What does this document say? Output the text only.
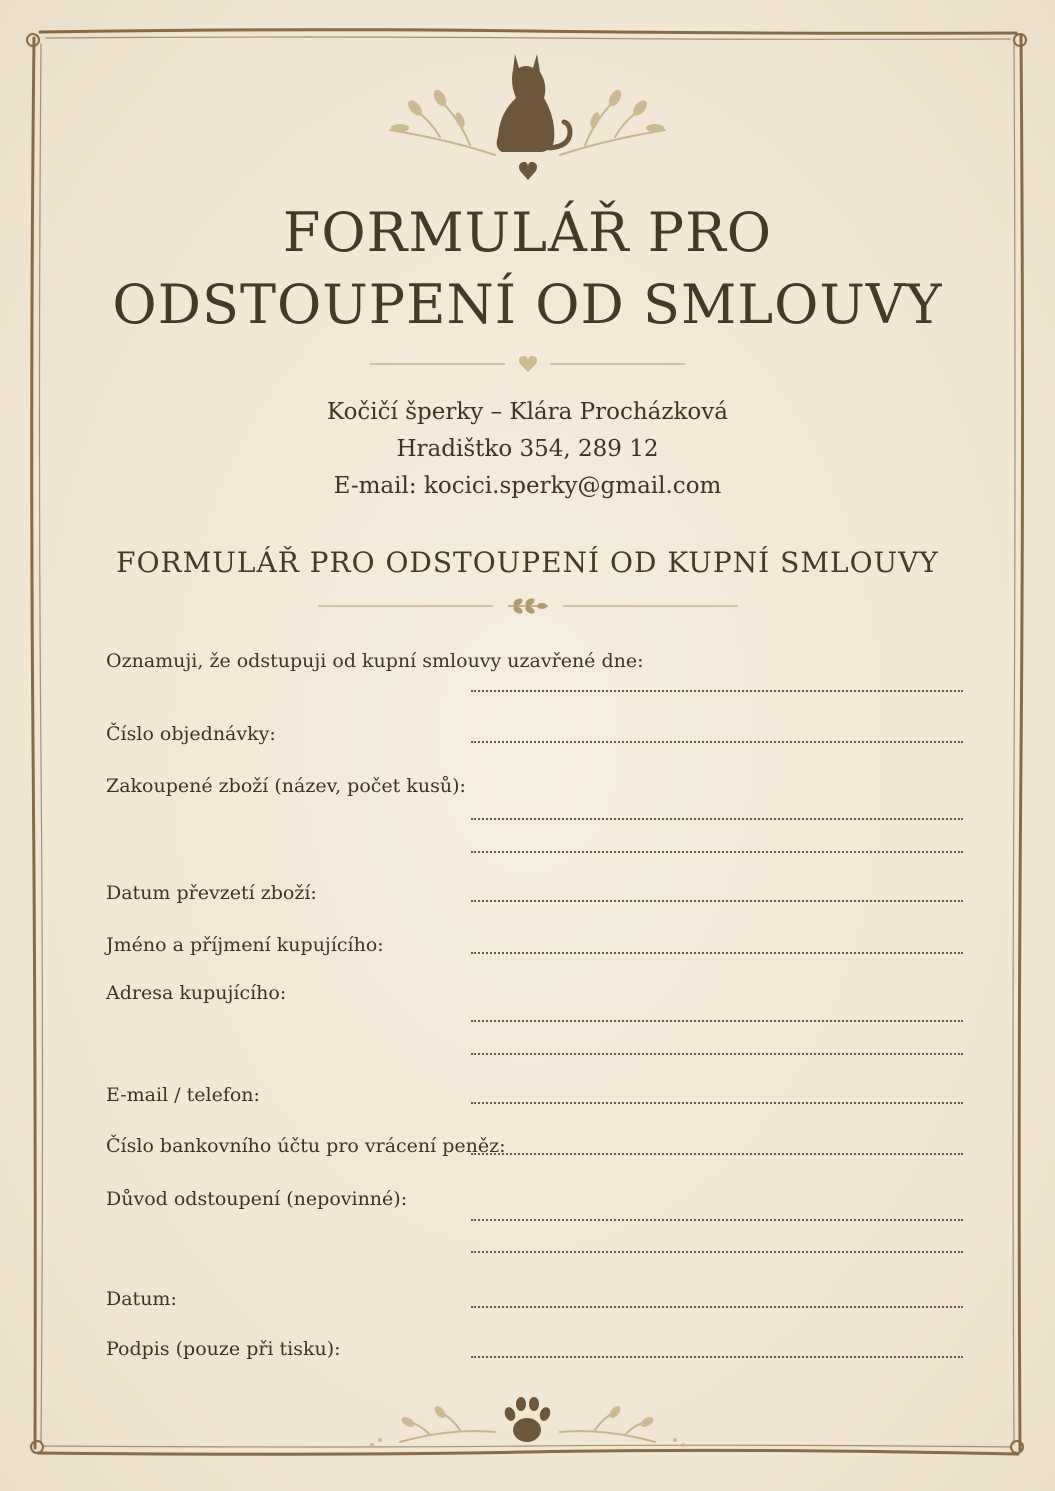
FORMULÁŘ PRO
ODSTOUPENÍ OD SMLOUVY
Kočičí šperky – Klára Procházková
Hradištko 354, 289 12
E-mail: kocici.sperky@gmail.com
FORMULÁŘ PRO ODSTOUPENÍ OD KUPNÍ SMLOUVY
Oznamuji, že odstupuji od kupní smlouvy uzavřené dne:
Číslo objednávky:
Zakoupené zboží (název, počet kusů):
Datum převzetí zboží:
Jméno a příjmení kupujícího:
Adresa kupujícího:
E-mail / telefon:
Číslo bankovního účtu pro vrácení peněz:
Důvod odstoupení (nepovinné):
Datum:
Podpis (pouze při tisku):
